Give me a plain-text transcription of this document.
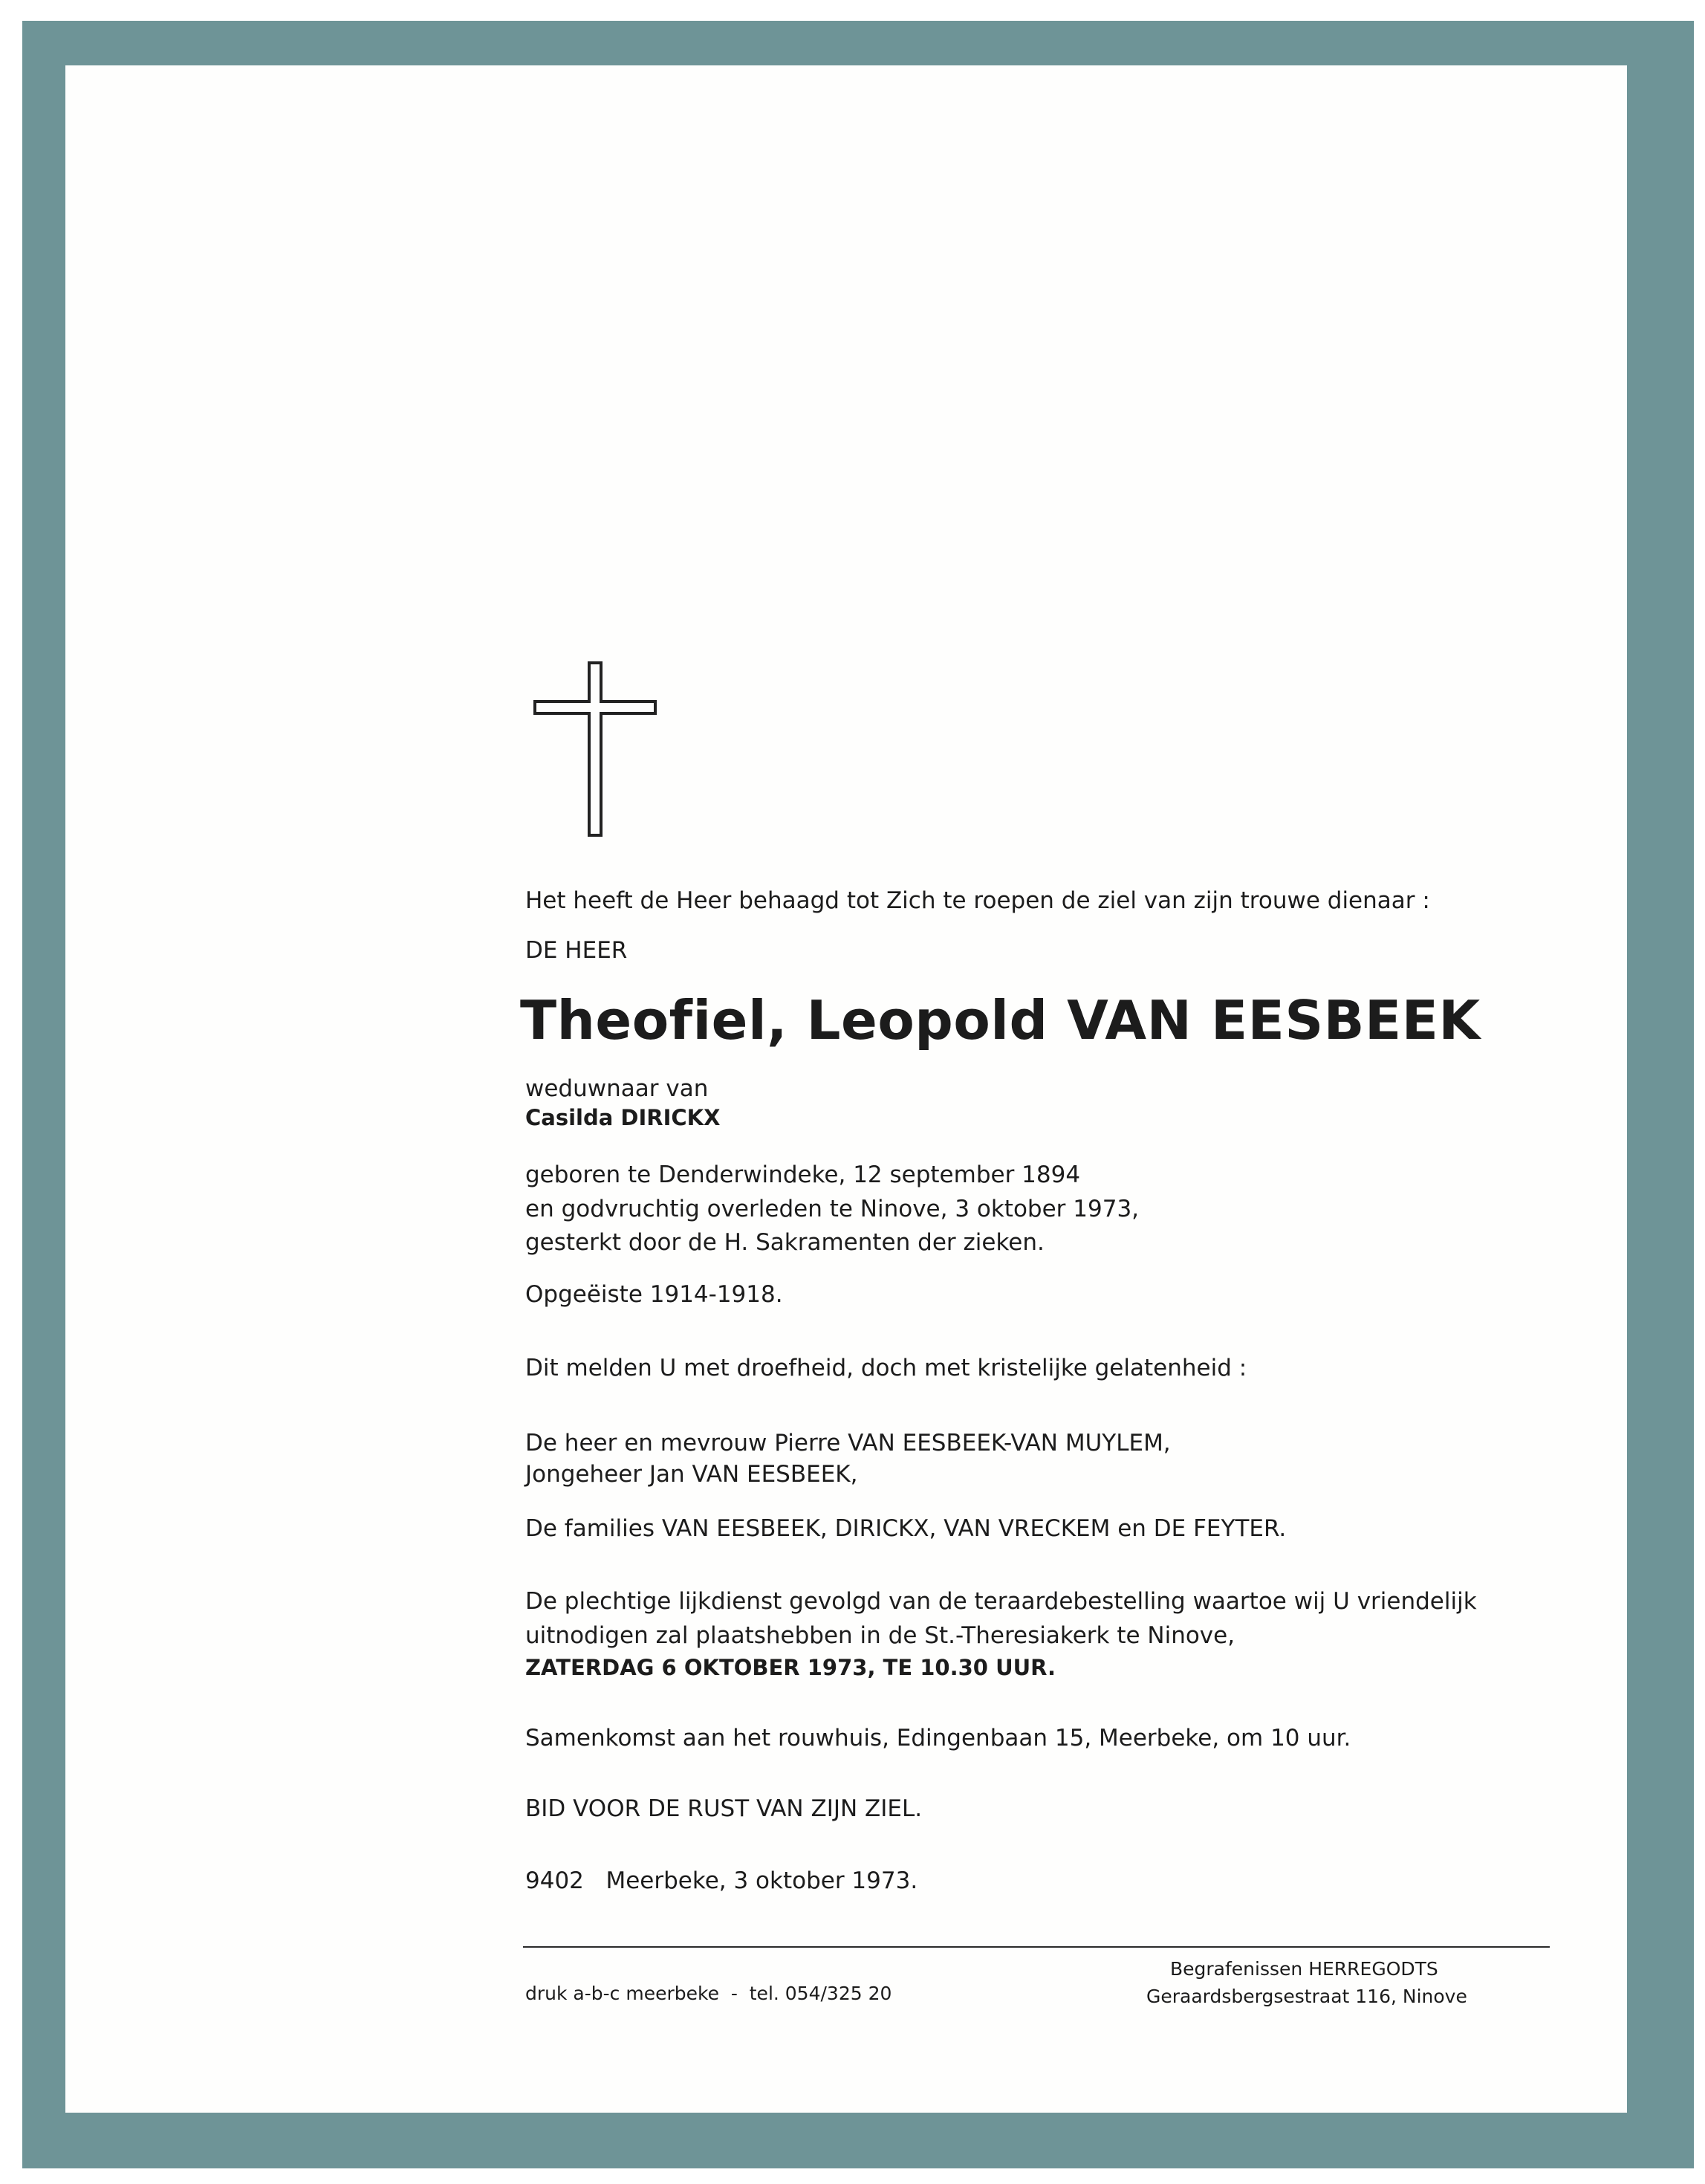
Het heeft de Heer behaagd tot Zich te roepen de ziel van zijn trouwe dienaar :
DE HEER
Theofiel, Leopold VAN EESBEEK
weduwnaar van
Casilda DIRICKX
geboren te Denderwindeke, 12 september 1894
en godvruchtig overleden te Ninove, 3 oktober 1973,
gesterkt door de H. Sakramenten der zieken.
Opgeëiste 1914-1918.
Dit melden U met droefheid, doch met kristelijke gelatenheid :
De heer en mevrouw Pierre VAN EESBEEK-VAN MUYLEM,
Jongeheer Jan VAN EESBEEK,
De families VAN EESBEEK, DIRICKX, VAN VRECKEM en DE FEYTER.
De plechtige lijkdienst gevolgd van de teraardebestelling waartoe wij U vriendelijk
uitnodigen zal plaatshebben in de St.-Theresiakerk te Ninove,
ZATERDAG 6 OKTOBER 1973, TE 10.30 UUR.
Samenkomst aan het rouwhuis, Edingenbaan 15, Meerbeke, om 10 uur.
BID VOOR DE RUST VAN ZIJN ZIEL.
9402   Meerbeke, 3 oktober 1973.
druk a-b-c meerbeke  -  tel. 054/325 20
Begrafenissen HERREGODTS
Geraardsbergsestraat 116, Ninove
